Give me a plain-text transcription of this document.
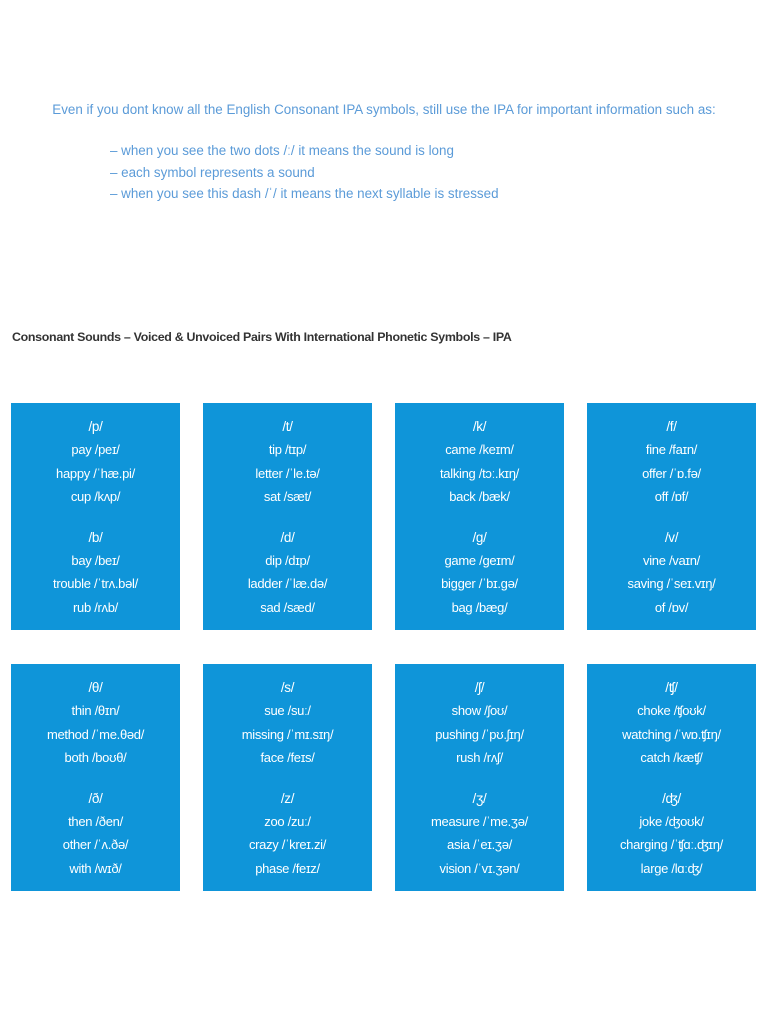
Even if you dont know all the English Consonant IPA symbols, still use the IPA for important information such as:

– when you see the two dots /ː/ it means the sound is long
– each symbol represents a sound
– when you see this dash /ˈ/ it means the next syllable is stressed
Consonant Sounds – Voiced & Unvoiced Pairs With International Phonetic Symbols – IPA
/p/
pay /peɪ/
happy /ˈhæ.pi/
cup /kʌp/
/b/
bay /beɪ/
trouble /ˈtrʌ.bəl/
rub /rʌb/
/t/
tip /tɪp/
letter /ˈle.tə/
sat /sæt/
/d/
dip /dɪp/
ladder /ˈlæ.də/
sad /sæd/
/k/
came /keɪm/
talking /tɔː.kɪŋ/
back /bæk/
/g/
game /geɪm/
bigger /ˈbɪ.gə/
bag /bæg/
/f/
fine /faɪn/
offer /ˈɒ.fə/
off /ɒf/
/v/
vine /vaɪn/
saving /ˈseɪ.vɪŋ/
of /ɒv/
/θ/
thin /θɪn/
method /ˈme.θəd/
both /boʊθ/
/ð/
then /ðen/
other /ˈʌ.ðə/
with /wɪð/
/s/
sue /suː/
missing /ˈmɪ.sɪŋ/
face /feɪs/
/z/
zoo /zuː/
crazy /ˈkreɪ.zi/
phase /feɪz/
/ʃ/
show /ʃoʊ/
pushing /ˈpʊ.ʃɪŋ/
rush /rʌʃ/
/ʒ/
measure /ˈme.ʒə/
asia /ˈeɪ.ʒə/
vision /ˈvɪ.ʒən/
/ʧ/
choke /ʧoʊk/
watching /ˈwɒ.ʧɪŋ/
catch /kæʧ/
/ʤ/
joke /ʤoʊk/
charging /ˈʧɑː.ʤɪŋ/
large /lɑːʤ/
